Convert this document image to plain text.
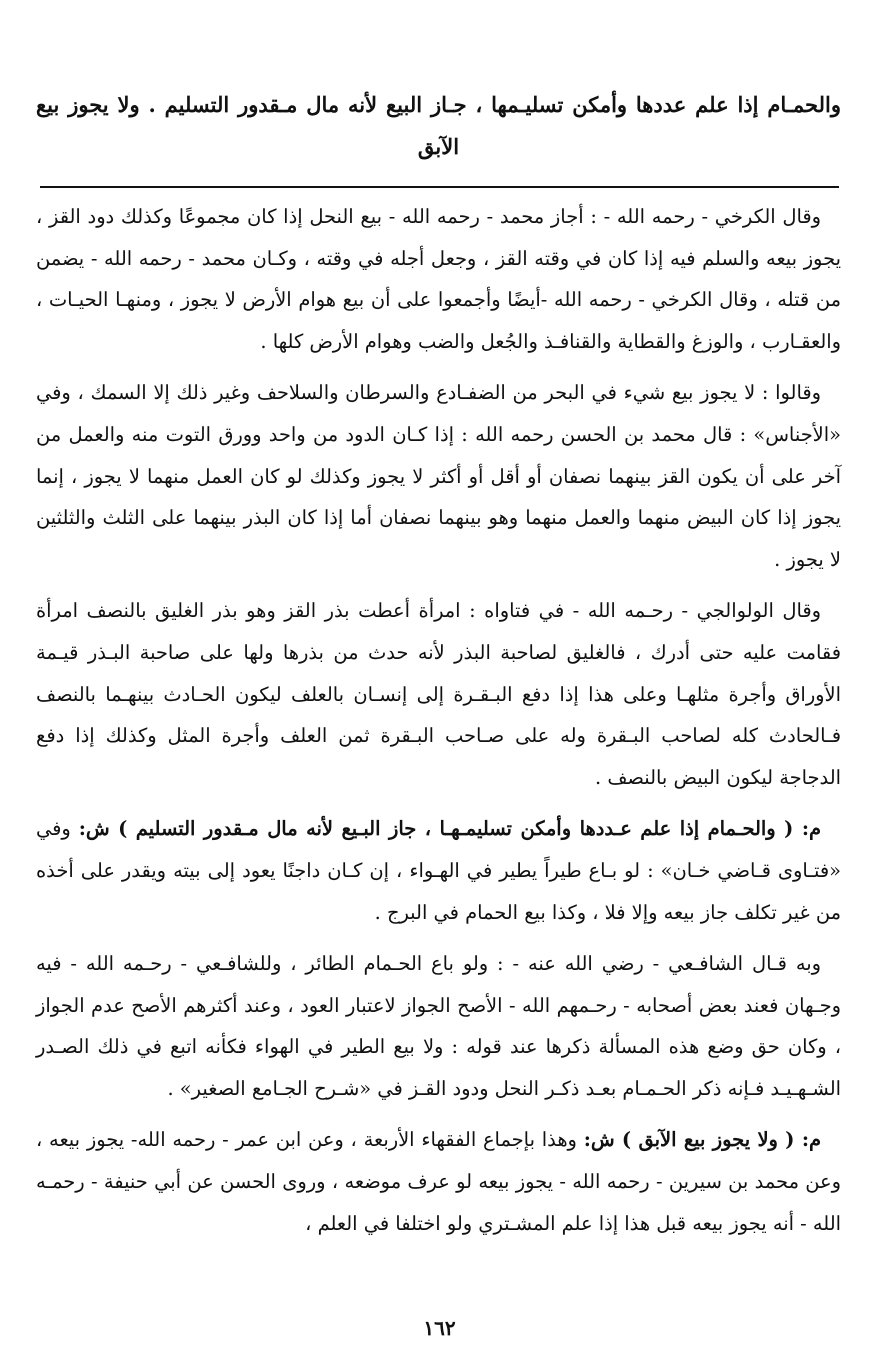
والحمـام إذا علم عددها وأمكن تسليـمها ، جـاز البيع لأنه مال مـقدور التسليم . ولا يجوز بيع الآبق

وقال الكرخي - رحمه الله - : أجاز محمد - رحمه الله - بيع النحل إذا كان مجموعًا وكذلك دود القز ، يجوز بيعه والسلم فيه إذا كان في وقته القز ، وجعل أجله في وقته ، وكـان محمد - رحمه الله - يضمن من قتله ، وقال الكرخي - رحمه الله -أيضًا وأجمعوا على أن بيع هوام الأرض لا يجوز ، ومنهـا الحيـات ، والعقـارب ، والوزغ والقطاية والقنافـذ والجُعل والضب وهوام الأرض كلها .

وقالوا : لا يجوز بيع شيء في البحر من الضفـادع والسرطان والسلاحف وغير ذلك إلا السمك ، وفي «الأجناس» : قال محمد بن الحسن رحمه الله : إذا كـان الدود من واحد وورق التوت منه والعمل من آخر على أن يكون القز بينهما نصفان أو أقل أو أكثر لا يجوز وكذلك لو كان العمل منهما لا يجوز ، إنما يجوز إذا كان البيض منهما والعمل منهما وهو بينهما نصفان أما إذا كان البذر بينهما على الثلث والثلثين لا يجوز .

وقال الولوالجي - رحـمه الله - في فتاواه : امرأة أعطت بذر القز وهو بذر الغليق بالنصف امرأة فقامت عليه حتى أدرك ، فالغليق لصاحبة البذر لأنه حدث من بذرها ولها على صاحبة البـذر قيـمة الأوراق وأجرة مثلهـا وعلى هذا إذا دفع البـقـرة إلى إنسـان بالعلف ليكون الحـادث بينهـما بالنصف فـالحادث كله لصاحب البـقرة وله على صـاحب البـقرة ثمن العلف وأجرة المثل وكذلك إذا دفع الدجاجة ليكون البيض بالنصف .

م: ( والحـمام إذا علم عـددها وأمكن تسليمـهـا ، جاز البـيع لأنه مال مـقدور التسليم ) ش: وفي «فتـاوى قـاضي خـان» : لو بـاع طيراً يطير في الهـواء ، إن كـان داجنًا يعود إلى بيته ويقدر على أخذه من غير تكلف جاز بيعه وإلا فلا ، وكذا بيع الحمام في البرج .

وبه قـال الشافـعي - رضي الله عنه - : ولو باع الحـمام الطائر ، وللشافـعي - رحـمه الله - فيه وجـهان فعند بعض أصحابه - رحـمهم الله - الأصح الجواز لاعتبار العود ، وعند أكثرهم الأصح عدم الجواز ، وكان حق وضع هذه المسألة ذكرها عند قوله : ولا بيع الطير في الهواء فكأنه اتبع في ذلك الصـدر الشـهـيـد فـإنه ذكر الحـمـام بعـد ذكـر النحل ودود القـز في «شـرح الجـامع الصغير» .

م: ( ولا يجوز بيع الآبق ) ش: وهذا بإجماع الفقهاء الأربعة ، وعن ابن عمر - رحمه الله- يجوز بيعه ، وعن محمد بن سيرين - رحمه الله - يجوز بيعه لو عرف موضعه ، وروى الحسن عن أبي حنيفة - رحمـه الله - أنه يجوز بيعه قبل هذا إذا علم المشـتري ولو اختلفا في العلم ،

١٦٢
